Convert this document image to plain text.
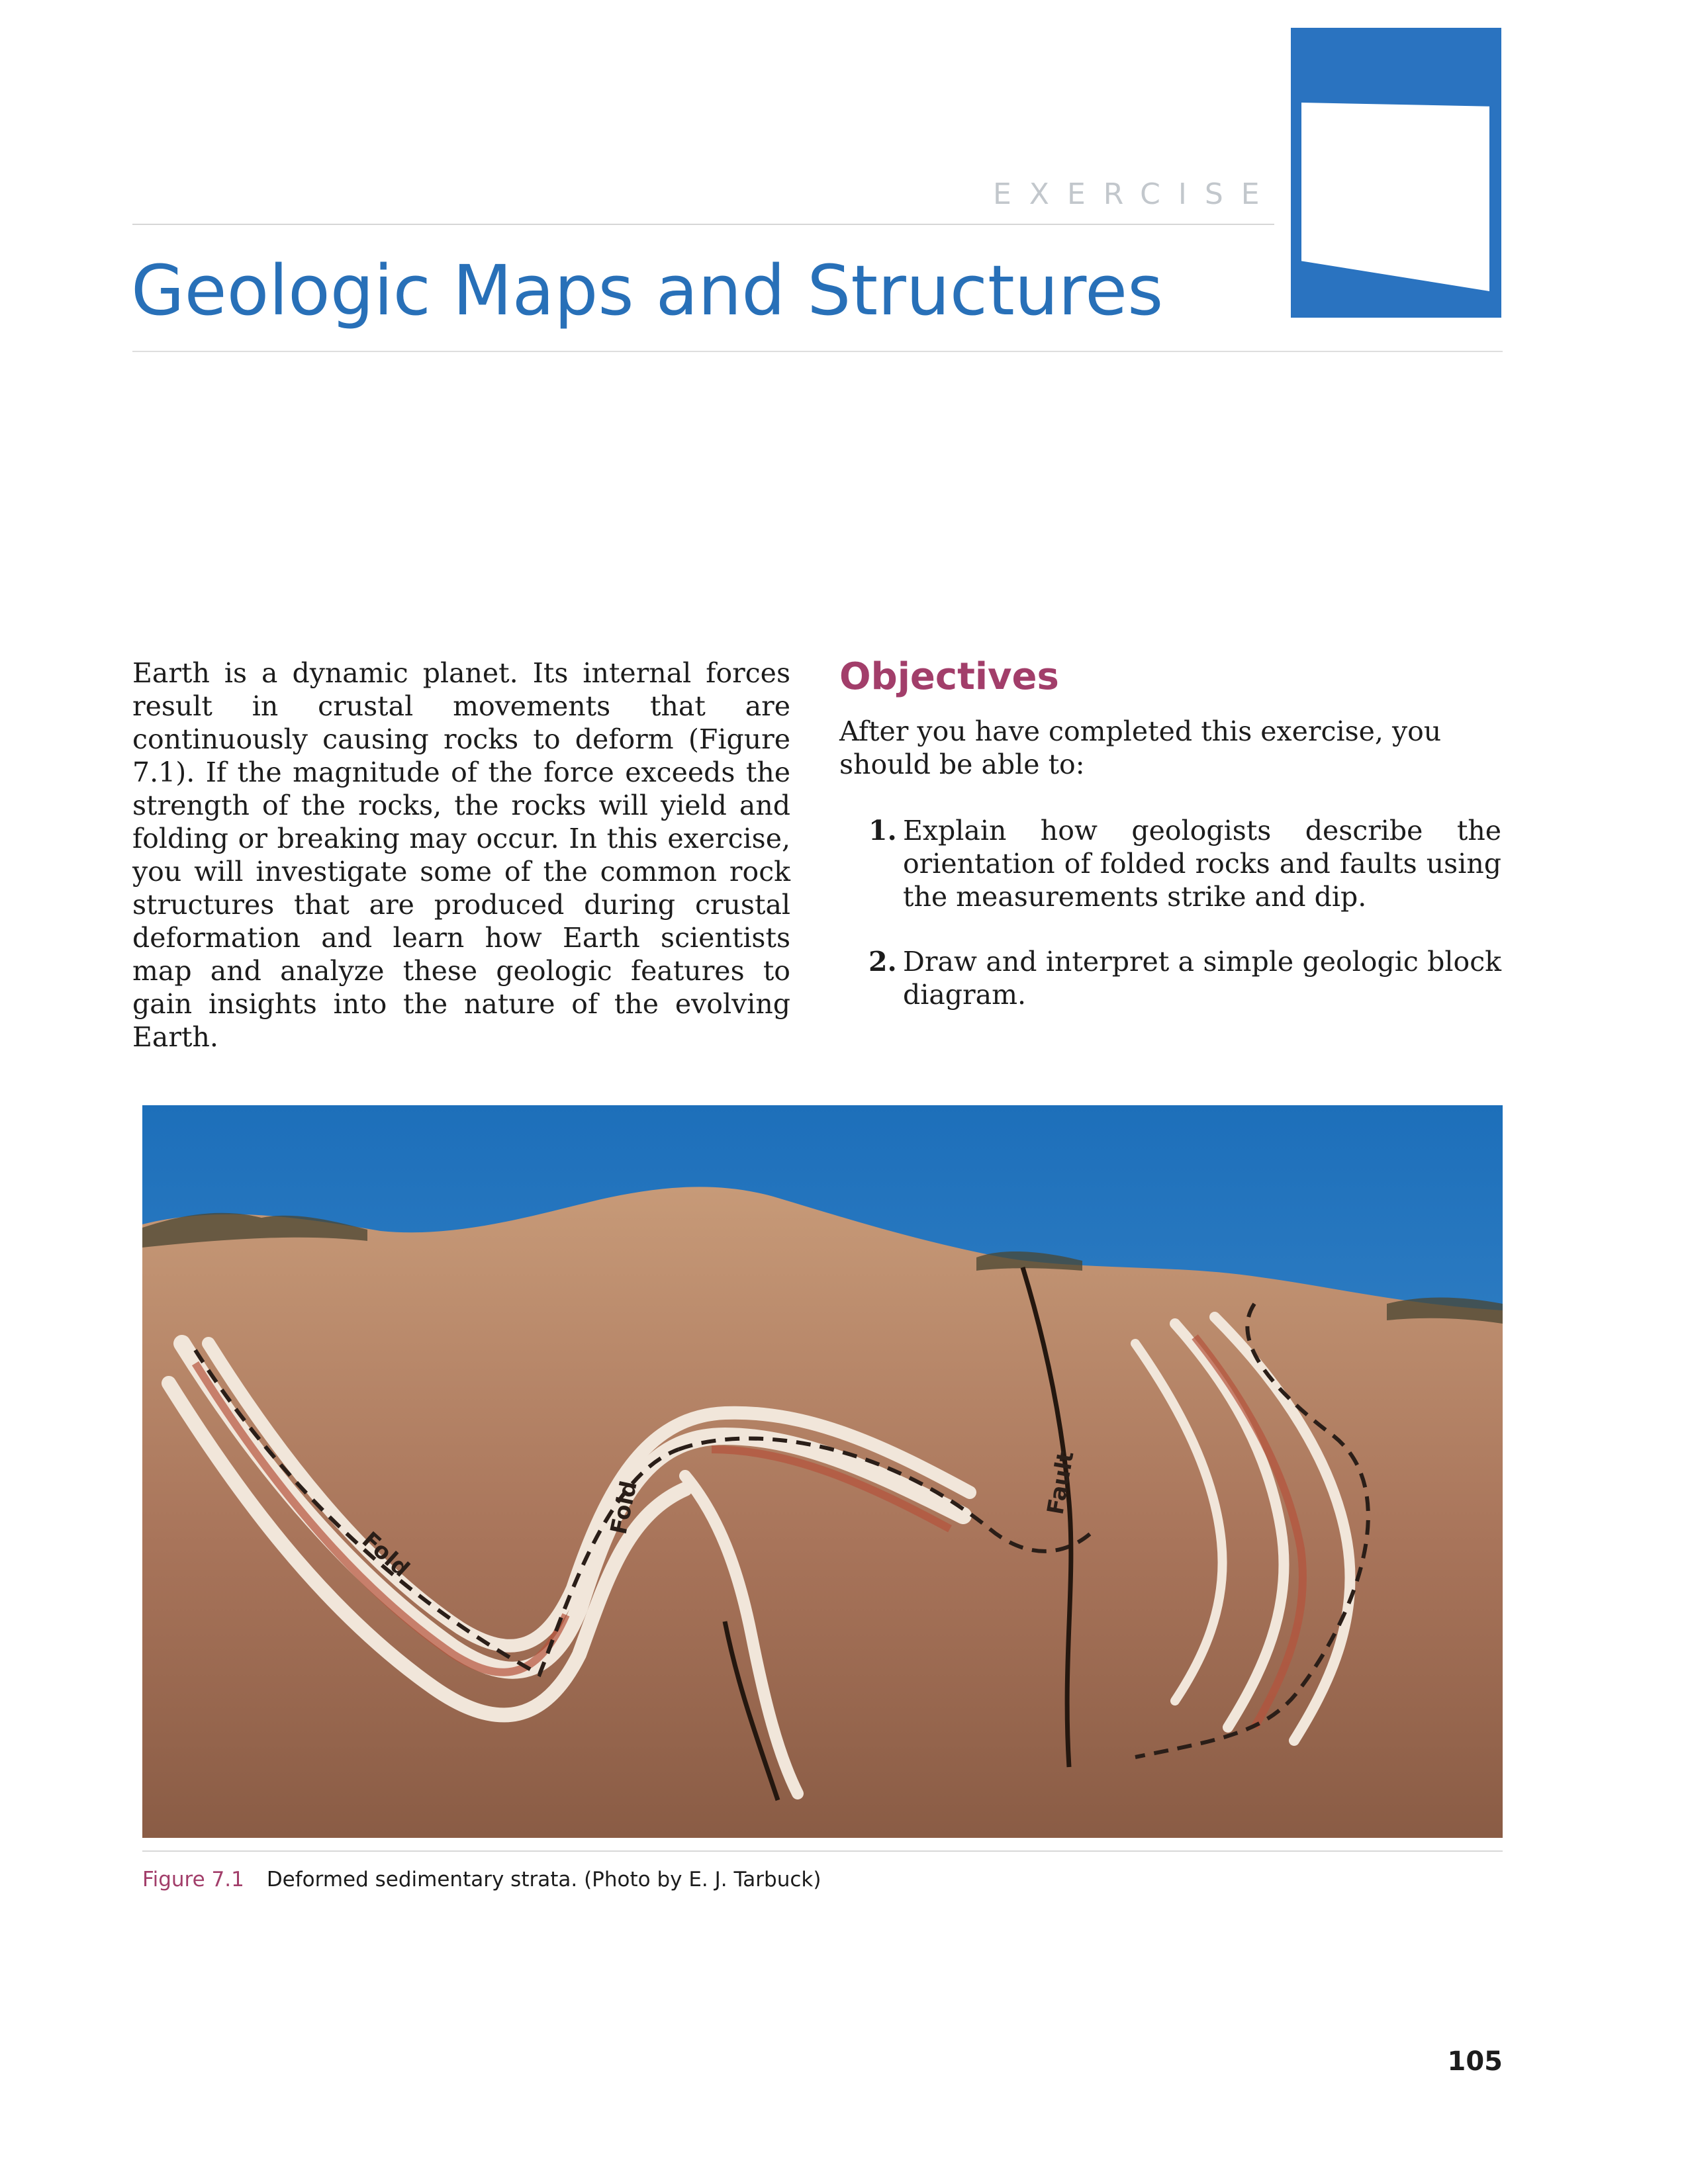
EXERCISE
Geologic Maps and Structures

Earth is a dynamic planet. Its internal forces result in crustal movements that are continuously causing rocks to deform (Figure 7.1). If the magnitude of the force exceeds the strength of the rocks, the rocks will yield and folding or breaking may occur. In this exercise, you will investigate some of the common rock structures that are produced during crustal deformation and learn how Earth scientists map and analyze these geologic features to gain insights into the nature of the evolving Earth.

Objectives

After you have completed this exercise, you should be able to:

1. Explain how geologists describe the orientation of folded rocks and faults using the measurements strike and dip.
2. Draw and interpret a simple geologic block diagram.
Fold
Fold	Fault

Figure 7.1 Deformed sedimentary strata. (Photo by E. J. Tarbuck)

105
